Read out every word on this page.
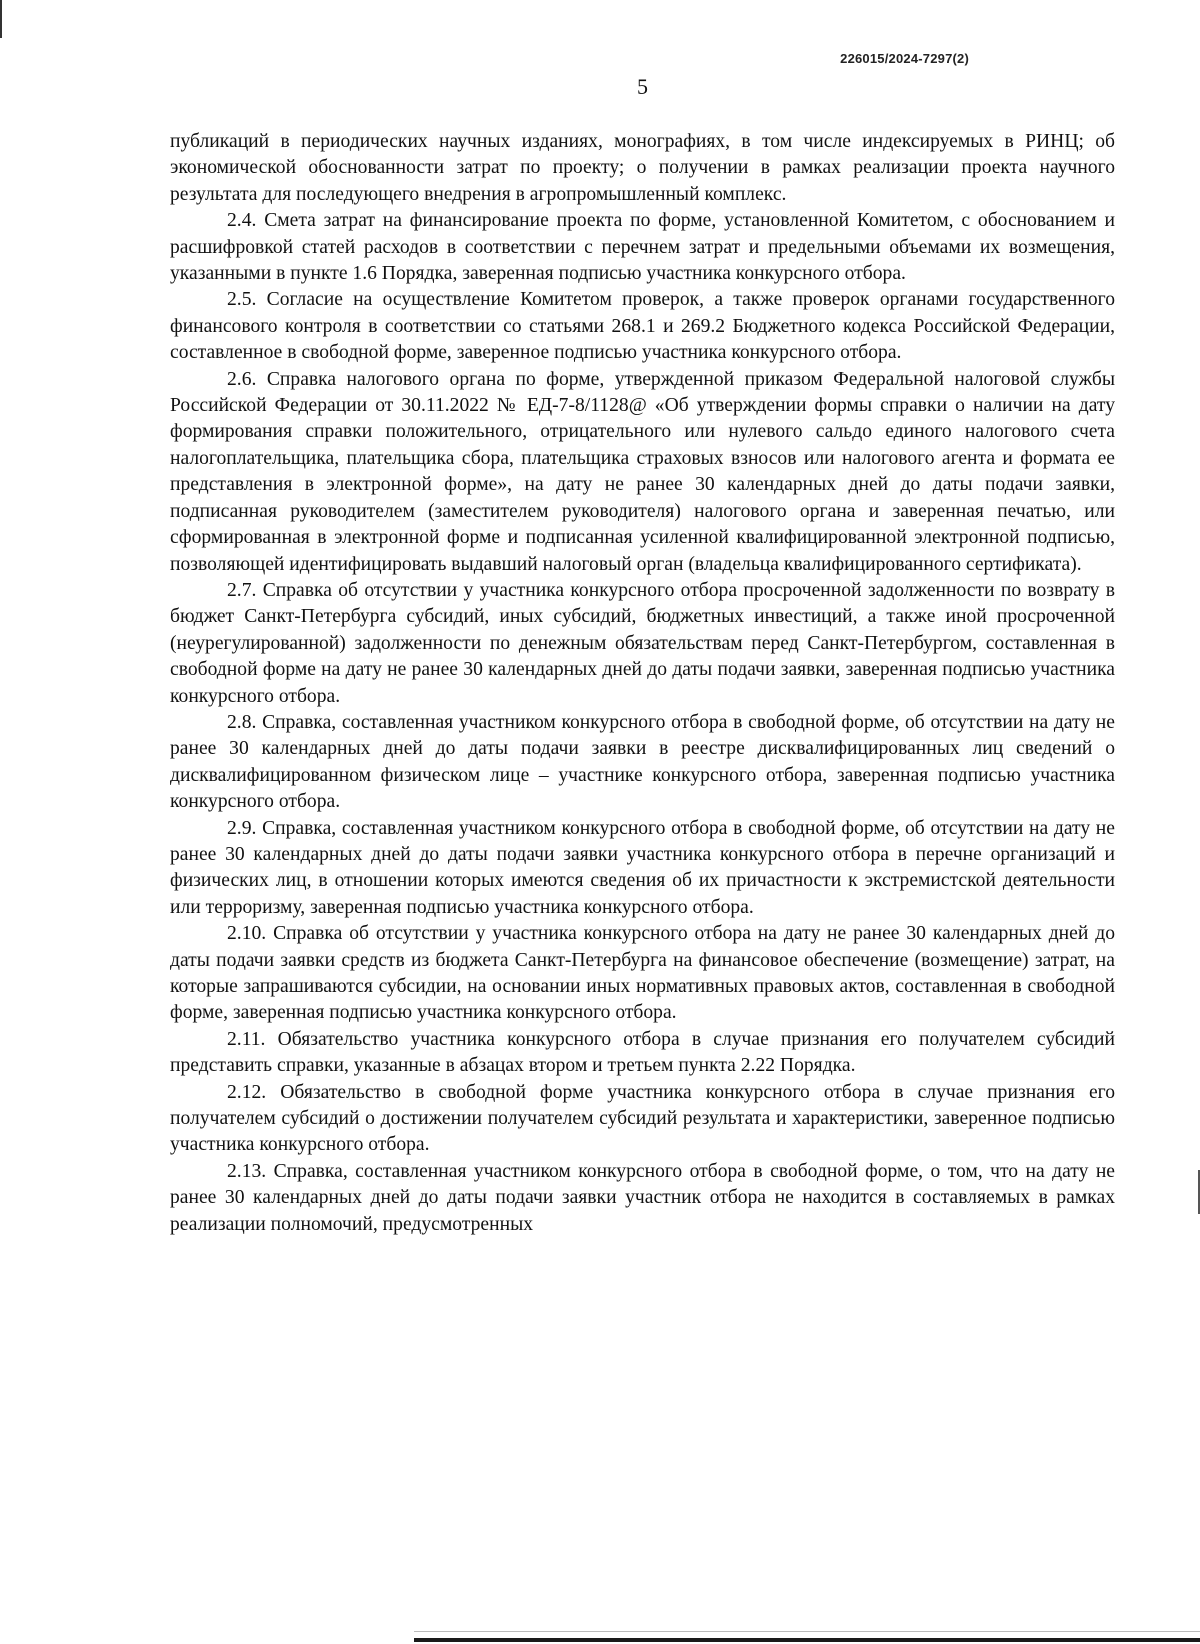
226015/2024-7297(2)
5

публикаций в периодических научных изданиях, монографиях, в том числе индексируемых в РИНЦ; об экономической обоснованности затрат по проекту; о получении в рамках реализации проекта научного результата для последующего внедрения в агропромышленный комплекс.

2.4. Смета затрат на финансирование проекта по форме, установленной Комитетом, с обоснованием и расшифровкой статей расходов в соответствии с перечнем затрат и предельными объемами их возмещения, указанными в пункте 1.6 Порядка, заверенная подписью участника конкурсного отбора.

2.5. Согласие на осуществление Комитетом проверок, а также проверок органами государственного финансового контроля в соответствии со статьями 268.1 и 269.2 Бюджетного кодекса Российской Федерации, составленное в свободной форме, заверенное подписью участника конкурсного отбора.

2.6. Справка налогового органа по форме, утвержденной приказом Федеральной налоговой службы Российской Федерации от 30.11.2022 № ЕД-7-8/1128@ «Об утверждении формы справки о наличии на дату формирования справки положительного, отрицательного или нулевого сальдо единого налогового счета налогоплательщика, плательщика сбора, плательщика страховых взносов или налогового агента и формата ее представления в электронной форме», на дату не ранее 30 календарных дней до даты подачи заявки, подписанная руководителем (заместителем руководителя) налогового органа и заверенная печатью, или сформированная в электронной форме и подписанная усиленной квалифицированной электронной подписью, позволяющей идентифицировать выдавший налоговый орган (владельца квалифицированного сертификата).

2.7. Справка об отсутствии у участника конкурсного отбора просроченной задолженности по возврату в бюджет Санкт-Петербурга субсидий, иных субсидий, бюджетных инвестиций, а также иной просроченной (неурегулированной) задолженности по денежным обязательствам перед Санкт-Петербургом, составленная в свободной форме на дату не ранее 30 календарных дней до даты подачи заявки, заверенная подписью участника конкурсного отбора.

2.8. Справка, составленная участником конкурсного отбора в свободной форме, об отсутствии на дату не ранее 30 календарных дней до даты подачи заявки в реестре дисквалифицированных лиц сведений о дисквалифицированном физическом лице – участнике конкурсного отбора, заверенная подписью участника конкурсного отбора.

2.9. Справка, составленная участником конкурсного отбора в свободной форме, об отсутствии на дату не ранее 30 календарных дней до даты подачи заявки участника конкурсного отбора в перечне организаций и физических лиц, в отношении которых имеются сведения об их причастности к экстремистской деятельности или терроризму, заверенная подписью участника конкурсного отбора.

2.10. Справка об отсутствии у участника конкурсного отбора на дату не ранее 30 календарных дней до даты подачи заявки средств из бюджета Санкт-Петербурга на финансовое обеспечение (возмещение) затрат, на которые запрашиваются субсидии, на основании иных нормативных правовых актов, составленная в свободной форме, заверенная подписью участника конкурсного отбора.

2.11. Обязательство участника конкурсного отбора в случае признания его получателем субсидий представить справки, указанные в абзацах втором и третьем пункта 2.22 Порядка.

2.12. Обязательство в свободной форме участника конкурсного отбора в случае признания его получателем субсидий о достижении получателем субсидий результата и характеристики, заверенное подписью участника конкурсного отбора.

2.13. Справка, составленная участником конкурсного отбора в свободной форме, о том, что на дату не ранее 30 календарных дней до даты подачи заявки участник отбора не находится в составляемых в рамках реализации полномочий, предусмотренных
